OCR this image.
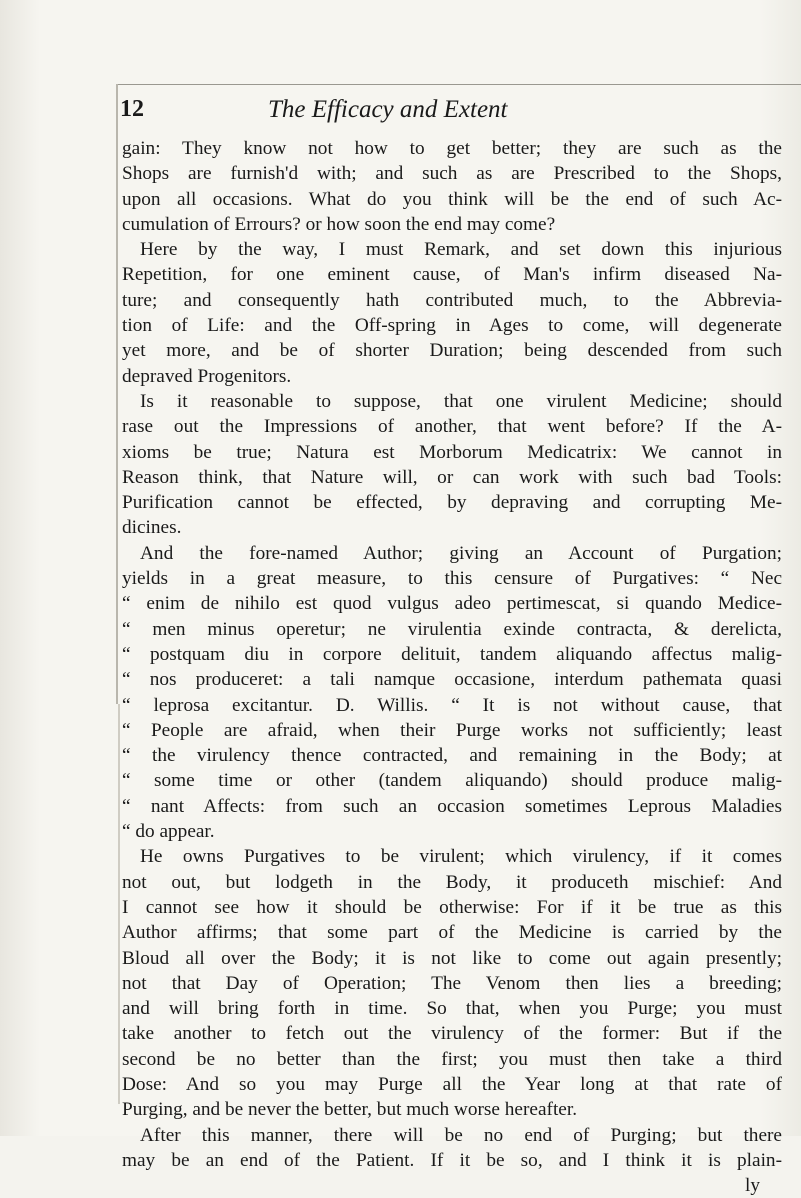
12	The Efficacy and Extent
gain: They know not how to get better; they are such as the
Shops are furnish'd with; and such as are Prescribed to the Shops,
upon all occasions. What do you think will be the end of such Ac-
cumulation of Errours? or how soon the end may come?
Here by the way, I must Remark, and set down this injurious
Repetition, for one eminent cause, of Man's infirm diseased Na-
ture; and consequently hath contributed much, to the Abbrevia-
tion of Life: and the Off-spring in Ages to come, will degenerate
yet more, and be of shorter Duration; being descended from such
depraved Progenitors.
Is it reasonable to suppose, that one virulent Medicine; should
rase out the Impressions of another, that went before? If the A-
xioms be true; Natura est Morborum Medicatrix: We cannot in
Reason think, that Nature will, or can work with such bad Tools:
Purification cannot be effected, by depraving and corrupting Me-
dicines.
And the fore-named Author; giving an Account of Purgation;
yields in a great measure, to this censure of Purgatives: “ Nec
“ enim de nihilo est quod vulgus adeo pertimescat, si quando Medice-
“ men minus operetur; ne virulentia exinde contracta, & derelicta,
“ postquam diu in corpore delituit, tandem aliquando affectus malig-
“ nos produceret: a tali namque occasione, interdum pathemata quasi
“ leprosa excitantur. D. Willis. “ It is not without cause, that
“ People are afraid, when their Purge works not sufficiently; least
“ the virulency thence contracted, and remaining in the Body; at
“ some time or other (tandem aliquando) should produce malig-
“ nant Affects: from such an occasion sometimes Leprous Maladies
“ do appear.
He owns Purgatives to be virulent; which virulency, if it comes
not out, but lodgeth in the Body, it produceth mischief: And
I cannot see how it should be otherwise: For if it be true as this
Author affirms; that some part of the Medicine is carried by the
Bloud all over the Body; it is not like to come out again presently;
not that Day of Operation; The Venom then lies a breeding;
and will bring forth in time. So that, when you Purge; you must
take another to fetch out the virulency of the former: But if the
second be no better than the first; you must then take a third
Dose: And so you may Purge all the Year long at that rate of
Purging, and be never the better, but much worse hereafter.
After this manner, there will be no end of Purging; but there
may be an end of the Patient. If it be so, and I think it is plain-
ly
